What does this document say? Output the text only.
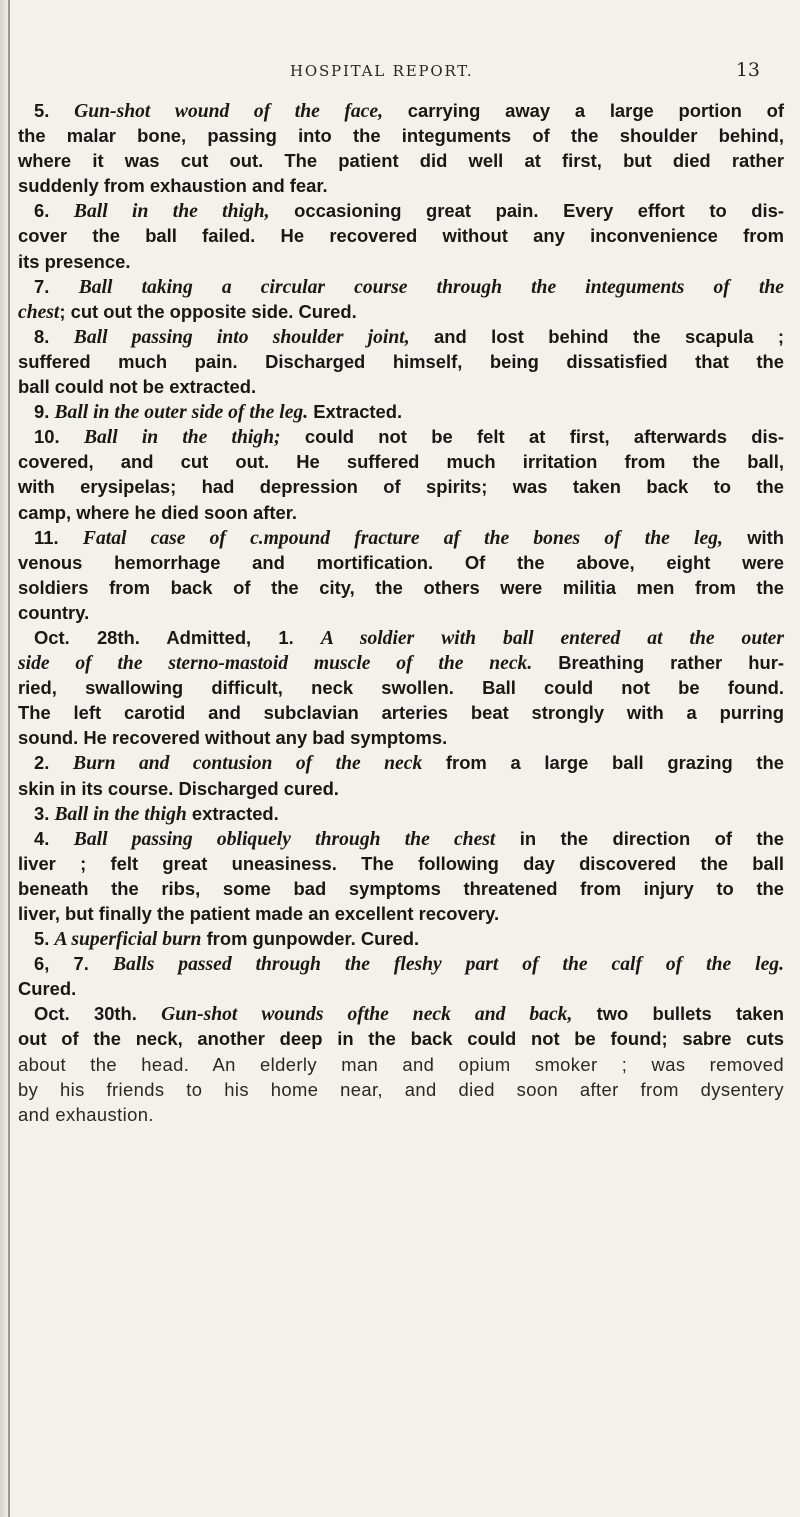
HOSPITAL REPORT.	13
5. Gun-shot wound of the face, carrying away a large portion of
the malar bone, passing into the integuments of the shoulder behind,
where it was cut out. The patient did well at first, but died rather
suddenly from exhaustion and fear.
6. Ball in the thigh, occasioning great pain. Every effort to dis-
cover the ball failed. He recovered without any inconvenience from
its presence.
7. Ball taking a circular course through the integuments of the
chest; cut out the opposite side. Cured.
8. Ball passing into shoulder joint, and lost behind the scapula ;
suffered much pain. Discharged himself, being dissatisfied that the
ball could not be extracted.
9. Ball in the outer side of the leg. Extracted.
10. Ball in the thigh; could not be felt at first, afterwards dis-
covered, and cut out. He suffered much irritation from the ball,
with erysipelas; had depression of spirits; was taken back to the
camp, where he died soon after.
11. Fatal case of c.mpound fracture af the bones of the leg, with
venous hemorrhage and mortification. Of the above, eight were
soldiers from back of the city, the others were militia men from the
country.
Oct. 28th. Admitted, 1. A soldier with ball entered at the outer
side of the sterno-mastoid muscle of the neck. Breathing rather hur-
ried, swallowing difficult, neck swollen. Ball could not be found.
The left carotid and subclavian arteries beat strongly with a purring
sound. He recovered without any bad symptoms.
2. Burn and contusion of the neck from a large ball grazing the
skin in its course. Discharged cured.
3. Ball in the thigh extracted.
4. Ball passing obliquely through the chest in the direction of the
liver ; felt great uneasiness. The following day discovered the ball
beneath the ribs, some bad symptoms threatened from injury to the
liver, but finally the patient made an excellent recovery.
5. A superficial burn from gunpowder. Cured.
6, 7. Balls passed through the fleshy part of the calf of the leg.
Cured.
Oct. 30th. Gun-shot wounds ofthe neck and back, two bullets taken
out of the neck, another deep in the back could not be found; sabre cuts
about the head. An elderly man and opium smoker ; was removed
by his friends to his home near, and died soon after from dysentery
and exhaustion.
